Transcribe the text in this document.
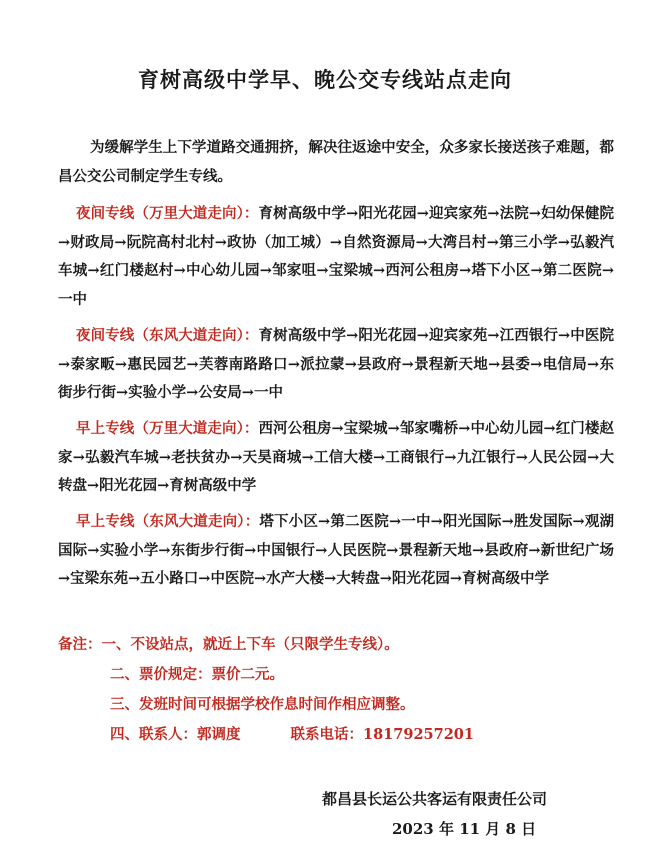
育树高级中学早、晚公交专线站点走向
为缓解学生上下学道路交通拥挤，解决往返途中安全，众多家长接送孩子难题，都昌公交公司制定学生专线。
夜间专线（万里大道走向）：育树高级中学→阳光花园→迎宾家苑→法院→妇幼保健院→财政局→阮院高村北村→政协（加工城）→自然资源局→大湾吕村→第三小学→弘毅汽车城→红门楼赵村→中心幼儿园→邹家咀→宝梁城→西河公租房→塔下小区→第二医院→一中
夜间专线（东风大道走向）：育树高级中学→阳光花园→迎宾家苑→江西银行→中医院→泰家畈→惠民园艺→芙蓉南路路口→派拉蒙→县政府→景程新天地→县委→电信局→东街步行街→实验小学→公安局→一中
早上专线（万里大道走向）：西河公租房→宝梁城→邹家嘴桥→中心幼儿园→红门楼赵家→弘毅汽车城→老扶贫办→天昊商城→工信大楼→工商银行→九江银行→人民公园→大转盘→阳光花园→育树高级中学
早上专线（东风大道走向）：塔下小区→第二医院→一中→阳光国际→胜发国际→观湖国际→实验小学→东街步行街→中国银行→人民医院→景程新天地→县政府→新世纪广场→宝梁东苑→五小路口→中医院→水产大楼→大转盘→阳光花园→育树高级中学
备注：一、不设站点，就近上下车（只限学生专线）。
二、票价规定：票价二元。
三、发班时间可根据学校作息时间作相应调整。
四、联系人：郭调度	联系电话：18179257201
都昌县长运公共客运有限责任公司
2023 年 11 月 8 日
